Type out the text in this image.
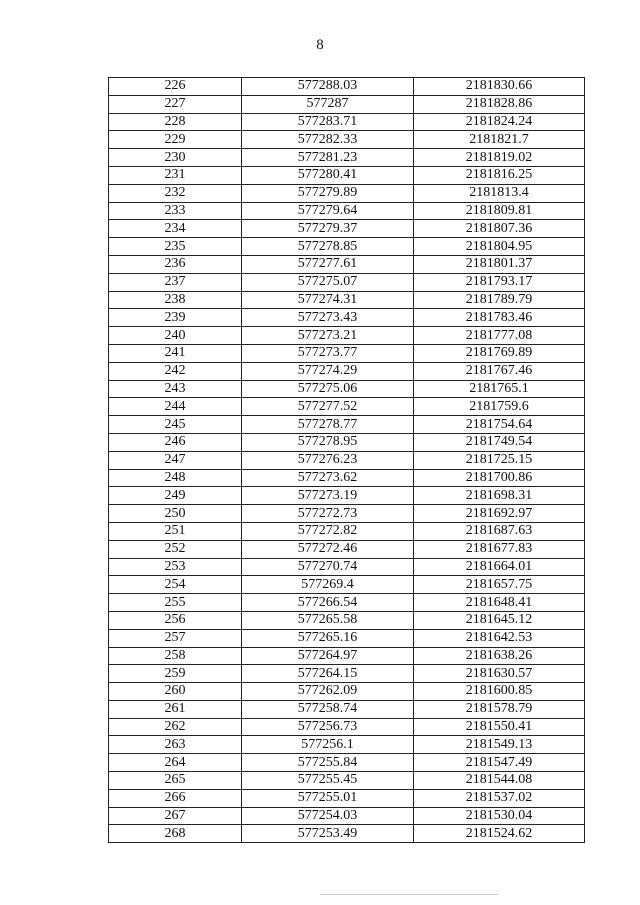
8
226	577288.03	2181830.66
227	577287	2181828.86
228	577283.71	2181824.24
229	577282.33	2181821.7
230	577281.23	2181819.02
231	577280.41	2181816.25
232	577279.89	2181813.4
233	577279.64	2181809.81
234	577279.37	2181807.36
235	577278.85	2181804.95
236	577277.61	2181801.37
237	577275.07	2181793.17
238	577274.31	2181789.79
239	577273.43	2181783.46
240	577273.21	2181777.08
241	577273.77	2181769.89
242	577274.29	2181767.46
243	577275.06	2181765.1
244	577277.52	2181759.6
245	577278.77	2181754.64
246	577278.95	2181749.54
247	577276.23	2181725.15
248	577273.62	2181700.86
249	577273.19	2181698.31
250	577272.73	2181692.97
251	577272.82	2181687.63
252	577272.46	2181677.83
253	577270.74	2181664.01
254	577269.4	2181657.75
255	577266.54	2181648.41
256	577265.58	2181645.12
257	577265.16	2181642.53
258	577264.97	2181638.26
259	577264.15	2181630.57
260	577262.09	2181600.85
261	577258.74	2181578.79
262	577256.73	2181550.41
263	577256.1	2181549.13
264	577255.84	2181547.49
265	577255.45	2181544.08
266	577255.01	2181537.02
267	577254.03	2181530.04
268	577253.49	2181524.62
